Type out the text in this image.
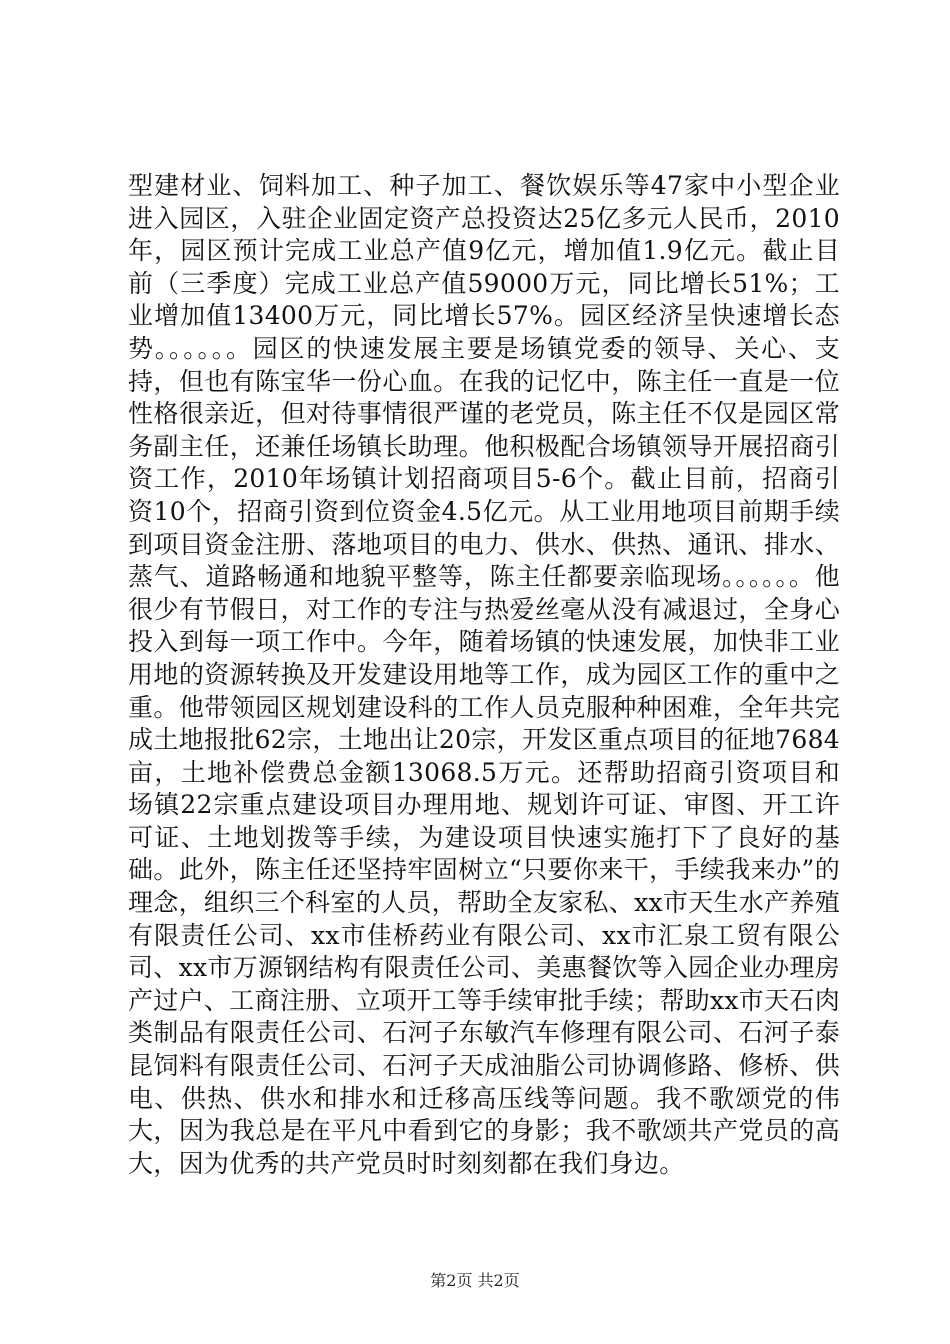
型建材业、饲料加工、种子加工、餐饮娱乐等47家中小型企业进入园区，入驻企业固定资产总投资达25亿多元人民币，2010年，园区预计完成工业总产值9亿元，增加值1.9亿元。截止目前（三季度）完成工业总产值59000万元，同比增长51%；工业增加值13400万元，同比增长57%。园区经济呈快速增长态势。。。。。。园区的快速发展主要是场镇党委的领导、关心、支持，但也有陈宝华一份心血。在我的记忆中，陈主任一直是一位性格很亲近，但对待事情很严谨的老党员，陈主任不仅是园区常务副主任，还兼任场镇长助理。他积极配合场镇领导开展招商引资工作，2010年场镇计划招商项目5-6个。截止目前，招商引资10个，招商引资到位资金4.5亿元。从工业用地项目前期手续到项目资金注册、落地项目的电力、供水、供热、通讯、排水、蒸气、道路畅通和地貌平整等，陈主任都要亲临现场。。。。。。他很少有节假日，对工作的专注与热爱丝毫从没有减退过，全身心投入到每一项工作中。今年，随着场镇的快速发展，加快非工业用地的资源转换及开发建设用地等工作，成为园区工作的重中之重。他带领园区规划建设科的工作人员克服种种困难，全年共完成土地报批62宗，土地出让20宗，开发区重点项目的征地7684亩，土地补偿费总金额13068.5万元。还帮助招商引资项目和场镇22宗重点建设项目办理用地、规划许可证、审图、开工许可证、土地划拨等手续，为建设项目快速实施打下了良好的基础。此外，陈主任还坚持牢固树立“只要你来干，手续我来办”的理念，组织三个科室的人员，帮助全友家私、xx市天生水产养殖有限责任公司、xx市佳桥药业有限公司、xx市汇泉工贸有限公司、xx市万源钢结构有限责任公司、美惠餐饮等入园企业办理房产过户、工商注册、立项开工等手续审批手续；帮助xx市天石肉类制品有限责任公司、石河子东敏汽车修理有限公司、石河子泰昆饲料有限责任公司、石河子天成油脂公司协调修路、修桥、供电、供热、供水和排水和迁移高压线等问题。我不歌颂党的伟大，因为我总是在平凡中看到它的身影；我不歌颂共产党员的高大，因为优秀的共产党员时时刻刻都在我们身边。

第2页 共2页
